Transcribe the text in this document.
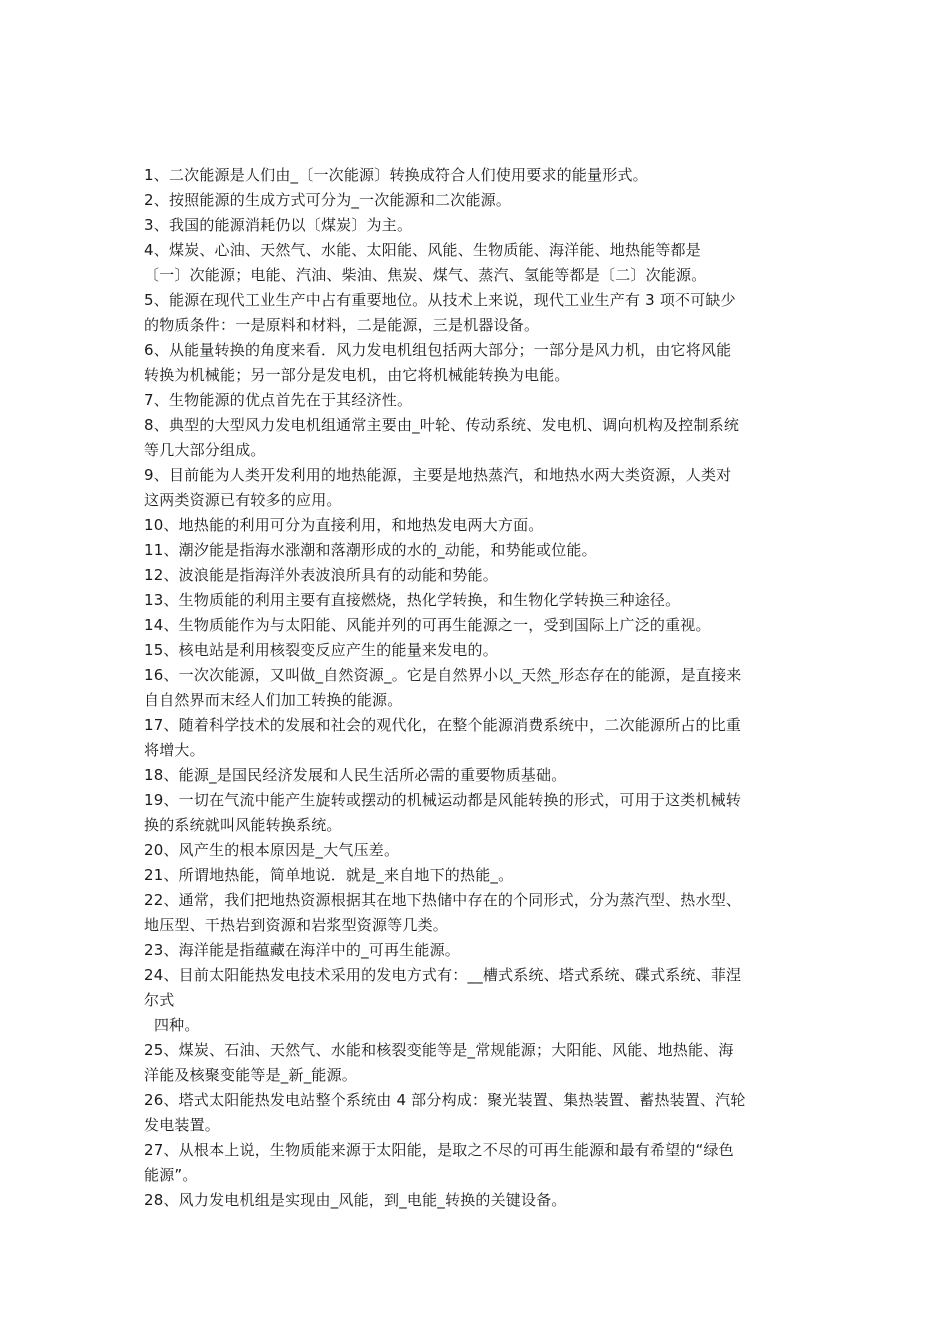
1、二次能源是人们由_〔一次能源〕转换成符合人们使用要求的能量形式。

2、按照能源的生成方式可分为_一次能源和二次能源。

3、我国的能源消耗仍以〔煤炭〕为主。

4、煤炭、心油、天然气、水能、太阳能、风能、生物质能、海洋能、地热能等都是
〔一〕次能源；电能、汽油、柴油、焦炭、煤气、蒸汽、氢能等都是〔二〕次能源。

5、能源在现代工业生产中占有重要地位。从技术上来说，现代工业生产有 3 项不可缺少
的物质条件：一是原料和材料，二是能源，三是机器设备。

6、从能量转换的角度来看．风力发电机组包括两大部分；一部分是风力机，由它将风能
转换为机械能；另一部分是发电机，由它将机械能转换为电能。

7、生物能源的优点首先在于其经济性。

8、典型的大型风力发电机组通常主要由_叶轮、传动系统、发电机、调向机构及控制系统
等几大部分组成。

9、目前能为人类开发利用的地热能源，主要是地热蒸汽，和地热水两大类资源，人类对
这两类资源已有较多的应用。

10、地热能的利用可分为直接利用，和地热发电两大方面。

11、潮汐能是指海水涨潮和落潮形成的水的_动能，和势能或位能。

12、波浪能是指海洋外表波浪所具有的动能和势能。

13、生物质能的利用主要有直接燃烧，热化学转换，和生物化学转换三种途径。

14、生物质能作为与太阳能、风能并列的可再生能源之一，受到国际上广泛的重视。

15、核电站是利用核裂变反应产生的能量来发电的。

16、一次次能源，又叫做_自然资源_。它是自然界小以_天然_形态存在的能源，是直接来
自自然界而末经人们加工转换的能源。

17、随着科学技术的发展和社会的观代化，在整个能源消费系统中，二次能源所占的比重
将增大。

18、能源_是国民经济发展和人民生活所必需的重要物质基础。

19、一切在气流中能产生旋转或摆动的机械运动都是风能转换的形式，可用于这类机械转
换的系统就叫风能转换系统。

20、风产生的根本原因是_大气压差。

21、所谓地热能，简单地说．就是_来自地下的热能_。

22、通常，我们把地热资源根据其在地下热储中存在的个同形式，分为蒸汽型、热水型、
地压型、干热岩到资源和岩浆型资源等几类。

23、海洋能是指蕴藏在海洋中的_可再生能源。

24、目前太阳能热发电技术采用的发电方式有：__槽式系统、塔式系统、碟式系统、菲涅
尔式
四种。

25、煤炭、石油、天然气、水能和核裂变能等是_常规能源；大阳能、风能、地热能、海
洋能及核聚变能等是_新_能源。

26、塔式太阳能热发电站整个系统由 4 部分构成：聚光装置、集热装置、蓄热装置、汽轮
发电装置。

27、从根本上说，生物质能来源于太阳能，是取之不尽的可再生能源和最有希望的“绿色
能源”。

28、风力发电机组是实现由_风能，到_电能_转换的关键设备。
